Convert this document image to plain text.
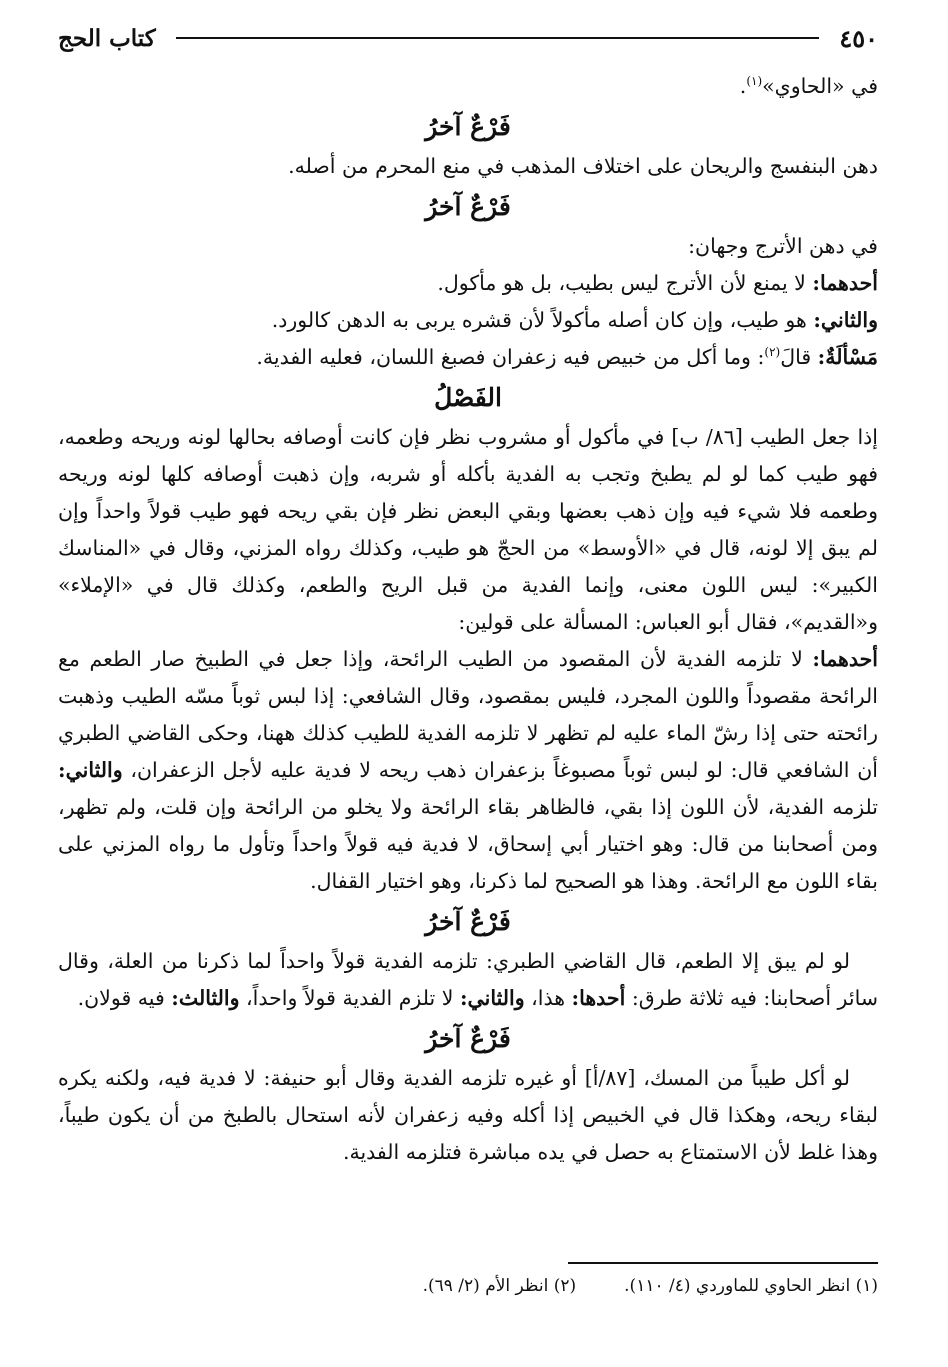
٤٥٠
كتاب الحج

في «الحاوي»$^{(١)}$.

فَرْعٌ آخرُ

دهن البنفسج والريحان على اختلاف المذهب في منع المحرم من أصله.

فَرْعٌ آخرُ

في دهن الأترج وجهان:

أحدهما: لا يمنع لأن الأترج ليس بطيب، بل هو مأكول.

والثاني: هو طيب، وإن كان أصله مأكولاً لأن قشره يربى به الدهن كالورد.

مَسْألَةٌ: قالَ$^{(٢)}$: وما أكل من خبيص فيه زعفران فصبغ اللسان، فعليه الفدية.

الفَصْلُ

إذا جعل الطيب [٨٦/ ب] في مأكول أو مشروب نظر فإن كانت أوصافه بحالها لونه وريحه وطعمه، فهو طيب كما لو لم يطبخ وتجب به الفدية بأكله أو شربه، وإن ذهبت أوصافه كلها لونه وريحه وطعمه فلا شيء فيه وإن ذهب بعضها وبقي البعض نظر فإن بقي ريحه فهو طيب قولاً واحداً وإن لم يبق إلا لونه، قال في «الأوسط» من الحجّ هو طيب، وكذلك رواه المزني، وقال في «المناسك الكبير»: ليس اللون معنى، وإنما الفدية من قبل الريح والطعم، وكذلك قال في «الإملاء» و«القديم»، فقال أبو العباس: المسألة على قولين:

أحدهما: لا تلزمه الفدية لأن المقصود من الطيب الرائحة، وإذا جعل في الطبيخ صار الطعم مع الرائحة مقصوداً واللون المجرد، فليس بمقصود، وقال الشافعي: إذا لبس ثوباً مسّه الطيب وذهبت رائحته حتى إذا رشّ الماء عليه لم تظهر لا تلزمه الفدية للطيب كذلك ههنا، وحكى القاضي الطبري أن الشافعي قال: لو لبس ثوباً مصبوغاً بزعفران ذهب ريحه لا فدية عليه لأجل الزعفران، والثاني: تلزمه الفدية، لأن اللون إذا بقي، فالظاهر بقاء الرائحة ولا يخلو من الرائحة وإن قلت، ولم تظهر، ومن أصحابنا من قال: وهو اختيار أبي إسحاق، لا فدية فيه قولاً واحداً وتأول ما رواه المزني على بقاء اللون مع الرائحة. وهذا هو الصحيح لما ذكرنا، وهو اختيار القفال.

فَرْعٌ آخرُ

لو لم يبق إلا الطعم، قال القاضي الطبري: تلزمه الفدية قولاً واحداً لما ذكرنا من العلة، وقال سائر أصحابنا: فيه ثلاثة طرق: أحدها: هذا، والثاني: لا تلزم الفدية قولاً واحداً، والثالث: فيه قولان.

فَرْعٌ آخرُ

لو أكل طيباً من المسك، [٨٧/أ] أو غيره تلزمه الفدية وقال أبو حنيفة: لا فدية فيه، ولكنه يكره لبقاء ريحه، وهكذا قال في الخبيص إذا أكله وفيه زعفران لأنه استحال بالطبخ من أن يكون طيباً، وهذا غلط لأن الاستمتاع به حصل في يده مباشرة فتلزمه الفدية.

(١) انظر الحاوي للماوردي (٤/ ١١٠).
(٢) انظر الأم (٢/ ٦٩).
